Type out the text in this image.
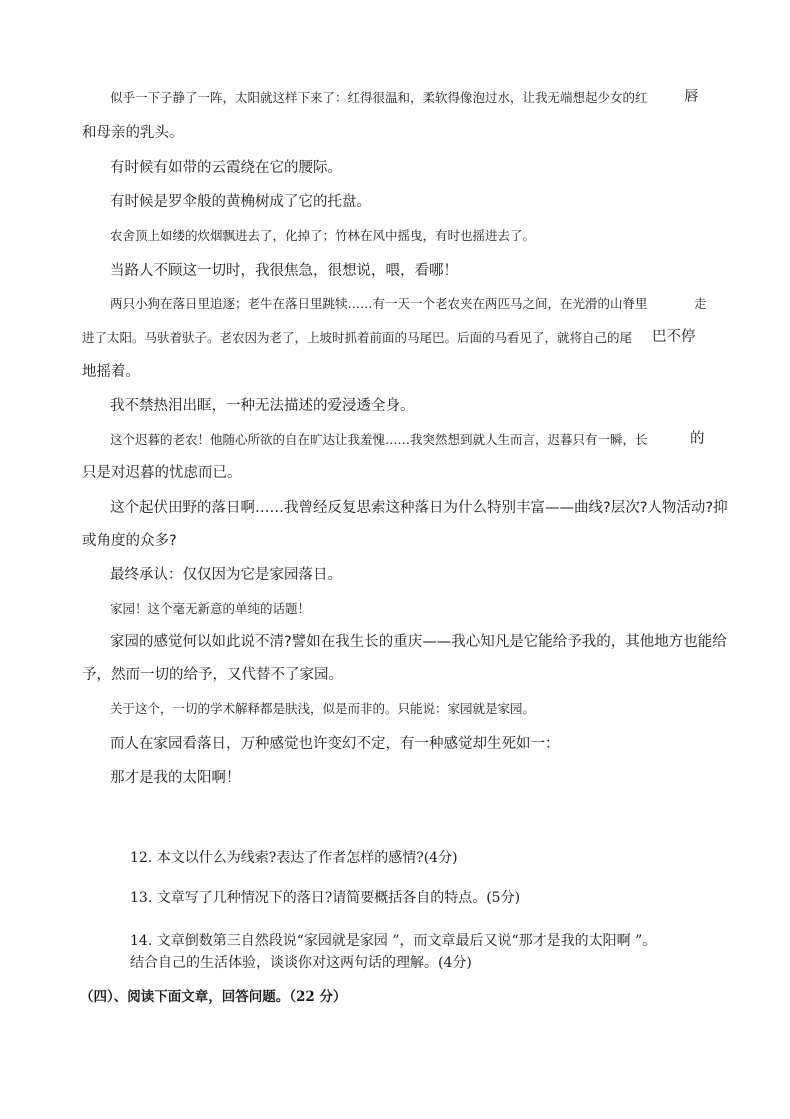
似乎一下子静了一阵，太阳就这样下来了：红得很温和，柔软得像泡过水，让我无端想起少女的红	唇
和母亲的乳头。
有时候有如带的云霞绕在它的腰际。
有时候是罗伞般的黄桷树成了它的托盘。
农舍顶上如缕的炊烟飘进去了，化掉了；竹林在风中摇曳，有时也摇进去了。
当路人不顾这一切时，我很焦急，很想说，喂，看哪！
两只小狗在落日里追逐；老牛在落日里跳犊……有一天一个老农夹在两匹马之间，在光滑的山脊里	走
进了太阳。马驮着驮子。老农因为老了，上坡时抓着前面的马尾巴。后面的马看见了，就将自己的尾 巴不停
地摇着。
我不禁热泪出眶，一种无法描述的爱浸透全身。
这个迟暮的老农！他随心所欲的自在旷达让我羞愧……我突然想到就人生而言，迟暮只有一瞬，长	的
只是对迟暮的忧虑而已。
这个起伏田野的落日啊……我曾经反复思索这种落日为什么特别丰富——曲线?层次?人物活动?抑
或角度的众多?
最终承认：仅仅因为它是家园落日。
家园！这个毫无新意的单纯的话题！
家园的感觉何以如此说不清?譬如在我生长的重庆——我心知凡是它能给予我的，其他地方也能给
予，然而一切的给予，又代替不了家园。
关于这个，一切的学术解释都是肤浅，似是而非的。只能说：家园就是家园。
而人在家园看落日，万种感觉也许变幻不定，有一种感觉却生死如一：
那才是我的太阳啊！
12. 本文以什么为线索?表达了作者怎样的感情?(4分)
13. 文章写了几种情况下的落日?请简要概括各自的特点。(5分)
14. 文章倒数第三自然段说“家园就是家园 ”，而文章最后又说“那才是我的太阳啊 ”。
结合自己的生活体验，谈谈你对这两句话的理解。(4分)
（四）、阅读下面文章，回答问题。（22 分）
